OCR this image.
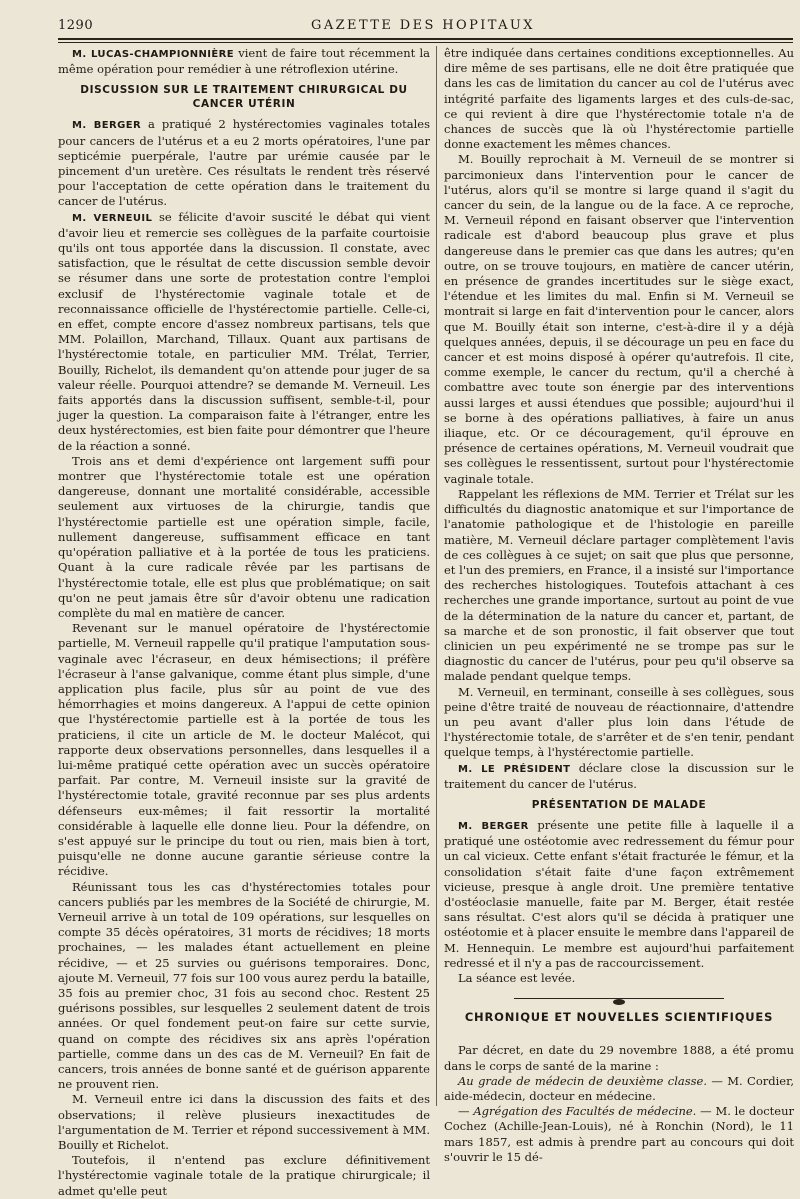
1290	GAZETTE DES HOPITAUX

M. LUCAS-CHAMPIONNIÈRE vient de faire tout récemment la même opération pour remédier à une rétroflexion utérine.

DISCUSSION SUR LE TRAITEMENT CHIRURGICAL DU CANCER UTÉRIN

M. BERGER a pratiqué 2 hystérectomies vaginales totales pour cancers de l'utérus et a eu 2 morts opératoires, l'une par septicémie puerpérale, l'autre par urémie causée par le pincement d'un uretère. Ces résultats le rendent très réservé pour l'acceptation de cette opération dans le traitement du cancer de l'utérus.

M. VERNEUIL se félicite d'avoir suscité le débat qui vient d'avoir lieu et remercie ses collègues de la parfaite courtoisie qu'ils ont tous apportée dans la discussion. Il constate, avec satisfaction, que le résultat de cette discussion semble devoir se résumer dans une sorte de protestation contre l'emploi exclusif de l'hystérectomie vaginale totale et de reconnaissance officielle de l'hystérectomie partielle. Celle-ci, en effet, compte encore d'assez nombreux partisans, tels que MM. Polaillon, Marchand, Tillaux. Quant aux partisans de l'hystérectomie totale, en particulier MM. Trélat, Terrier, Bouilly, Richelot, ils demandent qu'on attende pour juger de sa valeur réelle. Pourquoi attendre? se demande M. Verneuil. Les faits apportés dans la discussion suffisent, semble-t-il, pour juger la question. La comparaison faite à l'étranger, entre les deux hystérectomies, est bien faite pour démontrer que l'heure de la réaction a sonné.

Trois ans et demi d'expérience ont largement suffi pour montrer que l'hystérectomie totale est une opération dangereuse, donnant une mortalité considérable, accessible seulement aux virtuoses de la chirurgie, tandis que l'hystérectomie partielle est une opération simple, facile, nullement dangereuse, suffisamment efficace en tant qu'opération palliative et à la portée de tous les praticiens. Quant à la cure radicale rêvée par les partisans de l'hystérectomie totale, elle est plus que problématique; on sait qu'on ne peut jamais être sûr d'avoir obtenu une radication complète du mal en matière de cancer.

Revenant sur le manuel opératoire de l'hystérectomie partielle, M. Verneuil rappelle qu'il pratique l'amputation sous-vaginale avec l'écraseur, en deux hémisections; il préfère l'écraseur à l'anse galvanique, comme étant plus simple, d'une application plus facile, plus sûr au point de vue des hémorrhagies et moins dangereux. A l'appui de cette opinion que l'hystérectomie partielle est à la portée de tous les praticiens, il cite un article de M. le docteur Malécot, qui rapporte deux observations personnelles, dans lesquelles il a lui-même pratiqué cette opération avec un succès opératoire parfait. Par contre, M. Verneuil insiste sur la gravité de l'hystérectomie totale, gravité reconnue par ses plus ardents défenseurs eux-mêmes; il fait ressortir la mortalité considérable à laquelle elle donne lieu. Pour la défendre, on s'est appuyé sur le principe du tout ou rien, mais bien à tort, puisqu'elle ne donne aucune garantie sérieuse contre la récidive.

Réunissant tous les cas d'hystérectomies totales pour cancers publiés par les membres de la Société de chirurgie, M. Verneuil arrive à un total de 109 opérations, sur lesquelles on compte 35 décès opératoires, 31 morts de récidives; 18 morts prochaines, — les malades étant actuellement en pleine récidive, — et 25 survies ou guérisons temporaires. Donc, ajoute M. Verneuil, 77 fois sur 100 vous aurez perdu la bataille, 35 fois au premier choc, 31 fois au second choc. Restent 25 guérisons possibles, sur lesquelles 2 seulement datent de trois années. Or quel fondement peut-on faire sur cette survie, quand on compte des récidives six ans après l'opération partielle, comme dans un des cas de M. Verneuil? En fait de cancers, trois années de bonne santé et de guérison apparente ne prouvent rien.

M. Verneuil entre ici dans la discussion des faits et des observations; il relève plusieurs inexactitudes de l'argumentation de M. Terrier et répond successivement à MM. Bouilly et Richelot.

Toutefois, il n'entend pas exclure définitivement l'hystérectomie vaginale totale de la pratique chirurgicale; il admet qu'elle peut

être indiquée dans certaines conditions exceptionnelles. Au dire même de ses partisans, elle ne doit être pratiquée que dans les cas de limitation du cancer au col de l'utérus avec intégrité parfaite des ligaments larges et des culs-de-sac, ce qui revient à dire que l'hystérectomie totale n'a de chances de succès que là où l'hystérectomie partielle donne exactement les mêmes chances.

M. Bouilly reprochait à M. Verneuil de se montrer si parcimonieux dans l'intervention pour le cancer de l'utérus, alors qu'il se montre si large quand il s'agit du cancer du sein, de la langue ou de la face. A ce reproche, M. Verneuil répond en faisant observer que l'intervention radicale est d'abord beaucoup plus grave et plus dangereuse dans le premier cas que dans les autres; qu'en outre, on se trouve toujours, en matière de cancer utérin, en présence de grandes incertitudes sur le siège exact, l'étendue et les limites du mal. Enfin si M. Verneuil se montrait si large en fait d'intervention pour le cancer, alors que M. Bouilly était son interne, c'est-à-dire il y a déjà quelques années, depuis, il se décourage un peu en face du cancer et est moins disposé à opérer qu'autrefois. Il cite, comme exemple, le cancer du rectum, qu'il a cherché à combattre avec toute son énergie par des interventions aussi larges et aussi étendues que possible; aujourd'hui il se borne à des opérations palliatives, à faire un anus iliaque, etc. Or ce découragement, qu'il éprouve en présence de certaines opérations, M. Verneuil voudrait que ses collègues le ressentissent, surtout pour l'hystérectomie vaginale totale.

Rappelant les réflexions de MM. Terrier et Trélat sur les difficultés du diagnostic anatomique et sur l'importance de l'anatomie pathologique et de l'histologie en pareille matière, M. Verneuil déclare partager complètement l'avis de ces collègues à ce sujet; on sait que plus que personne, et l'un des premiers, en France, il a insisté sur l'importance des recherches histologiques. Toutefois attachant à ces recherches une grande importance, surtout au point de vue de la détermination de la nature du cancer et, partant, de sa marche et de son pronostic, il fait observer que tout clinicien un peu expérimenté ne se trompe pas sur le diagnostic du cancer de l'utérus, pour peu qu'il observe sa malade pendant quelque temps.

M. Verneuil, en terminant, conseille à ses collègues, sous peine d'être traité de nouveau de réactionnaire, d'attendre un peu avant d'aller plus loin dans l'étude de l'hystérectomie totale, de s'arrêter et de s'en tenir, pendant quelque temps, à l'hystérectomie partielle.

M. LE PRÉSIDENT déclare close la discussion sur le traitement du cancer de l'utérus.

PRÉSENTATION DE MALADE

M. BERGER présente une petite fille à laquelle il a pratiqué une ostéotomie avec redressement du fémur pour un cal vicieux. Cette enfant s'était fracturée le fémur, et la consolidation s'était faite d'une façon extrêmement vicieuse, presque à angle droit. Une première tentative d'ostéoclasie manuelle, faite par M. Berger, était restée sans résultat. C'est alors qu'il se décida à pratiquer une ostéotomie et à placer ensuite le membre dans l'appareil de M. Hennequin. Le membre est aujourd'hui parfaitement redressé et il n'y a pas de raccourcissement.

La séance est levée.

CHRONIQUE ET NOUVELLES SCIENTIFIQUES

Par décret, en date du 29 novembre 1888, a été promu dans le corps de santé de la marine :

Au grade de médecin de deuxième classe. — M. Cordier, aide-médecin, docteur en médecine.

— Agrégation des Facultés de médecine. — M. le docteur Cochez (Achille-Jean-Louis), né à Ronchin (Nord), le 11 mars 1857, est admis à prendre part au concours qui doit s'ouvrir le 15 dé-
